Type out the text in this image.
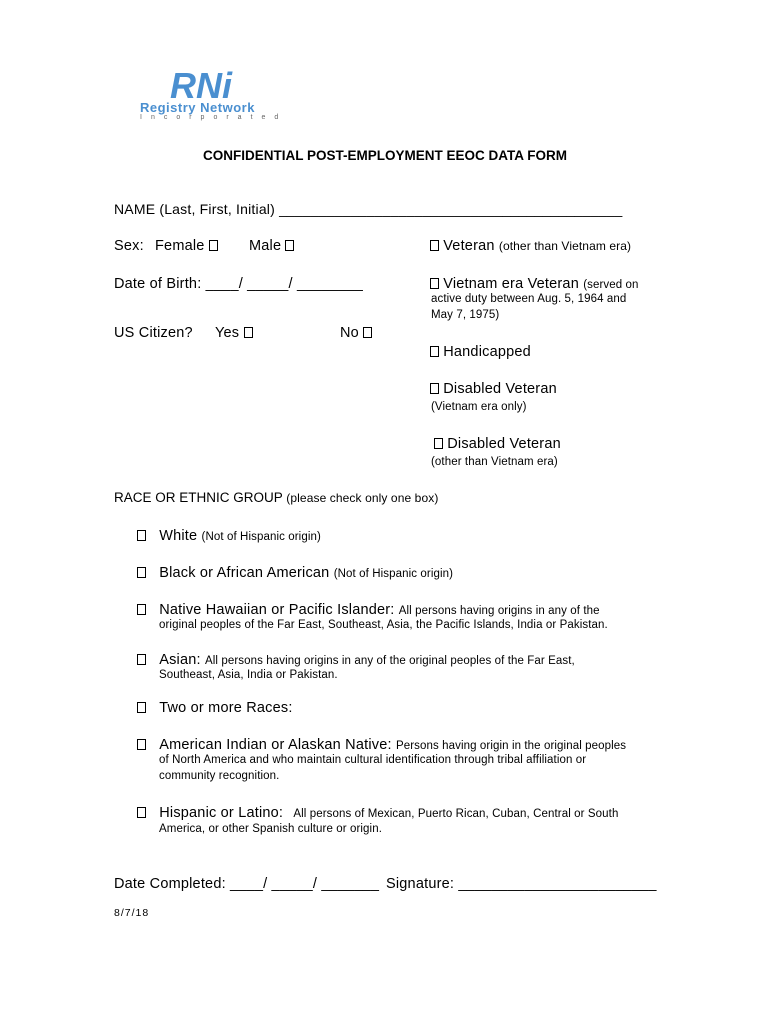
RNi
Registry Network
Incorporated
CONFIDENTIAL POST-EMPLOYMENT EEOC DATA FORM
NAME (Last, First, Initial) ___________________________________________
Sex: Female	Male	Veteran (other than Vietnam era)
Date of Birth: ____/ _____/ ________	Vietnam era Veteran (served on
active duty between Aug. 5, 1964 and
May 7, 1975)
US Citizen? Yes	No
Handicapped
Disabled Veteran
(Vietnam era only)
Disabled Veteran
(other than Vietnam era)
RACE OR ETHNIC GROUP (please check only one box)
White (Not of Hispanic origin)
Black or African American (Not of Hispanic origin)
Native Hawaiian or Pacific Islander: All persons having origins in any of the
original peoples of the Far East, Southeast, Asia, the Pacific Islands, India or Pakistan.
Asian: All persons having origins in any of the original peoples of the Far East,
Southeast, Asia, India or Pakistan.
Two or more Races:
American Indian or Alaskan Native: Persons having origin in the original peoples
of North America and who maintain cultural identification through tribal affiliation or
community recognition.
Hispanic or Latino: All persons of Mexican, Puerto Rican, Cuban, Central or South
America, or other Spanish culture or origin.
Date Completed: ____/ _____/ _______ Signature: ________________________
8/7/18
